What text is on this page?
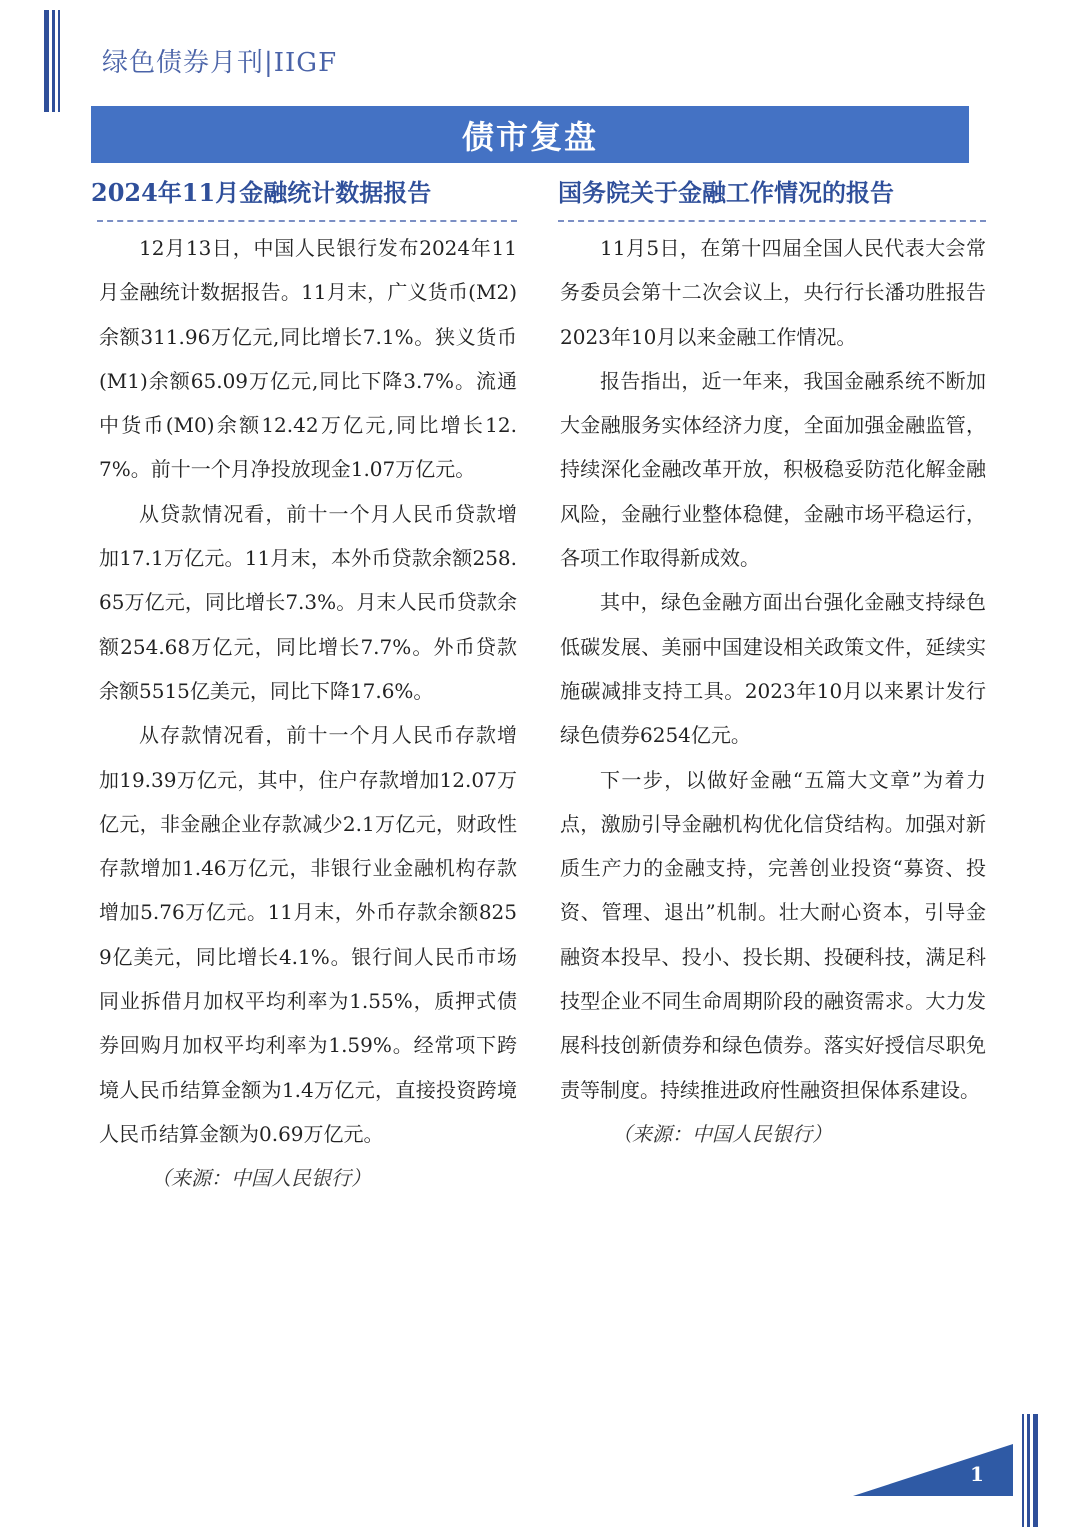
绿色债券月刊|IIGF
债市复盘
2024年11月金融统计数据报告

12月13日，中国人民银行发布2024年11月金融统计数据报告。11月末，广义货币(M2)余额311.96万亿元,同比增长7.1%。狭义货币(M1)余额65.09万亿元,同比下降3.7%。流通中货币(M0)余额12.42万亿元,同比增长12.7%。前十一个月净投放现金1.07万亿元。

从贷款情况看，前十一个月人民币贷款增加17.1万亿元。11月末，本外币贷款余额258.65万亿元，同比增长7.3%。月末人民币贷款余额254.68万亿元，同比增长7.7%。外币贷款余额5515亿美元，同比下降17.6%。

从存款情况看，前十一个月人民币存款增加19.39万亿元，其中，住户存款增加12.07万亿元，非金融企业存款减少2.1万亿元，财政性存款增加1.46万亿元，非银行业金融机构存款增加5.76万亿元。11月末，外币存款余额8259亿美元，同比增长4.1%。银行间人民币市场同业拆借月加权平均利率为1.55%，质押式债券回购月加权平均利率为1.59%。经常项下跨境人民币结算金额为1.4万亿元，直接投资跨境人民币结算金额为0.69万亿元。

（来源：中国人民银行）

国务院关于金融工作情况的报告

11月5日，在第十四届全国人民代表大会常务委员会第十二次会议上，央行行长潘功胜报告2023年10月以来金融工作情况。

报告指出，近一年来，我国金融系统不断加大金融服务实体经济力度，全面加强金融监管，持续深化金融改革开放，积极稳妥防范化解金融风险，金融行业整体稳健，金融市场平稳运行，各项工作取得新成效。

其中，绿色金融方面出台强化金融支持绿色低碳发展、美丽中国建设相关政策文件，延续实施碳减排支持工具。2023年10月以来累计发行绿色债券6254亿元。

下一步，以做好金融“五篇大文章”为着力点，激励引导金融机构优化信贷结构。加强对新质生产力的金融支持，完善创业投资“募资、投资、管理、退出”机制。壮大耐心资本，引导金融资本投早、投小、投长期、投硬科技，满足科技型企业不同生命周期阶段的融资需求。大力发展科技创新债券和绿色债券。落实好授信尽职免责等制度。持续推进政府性融资担保体系建设。

（来源：中国人民银行）

1
